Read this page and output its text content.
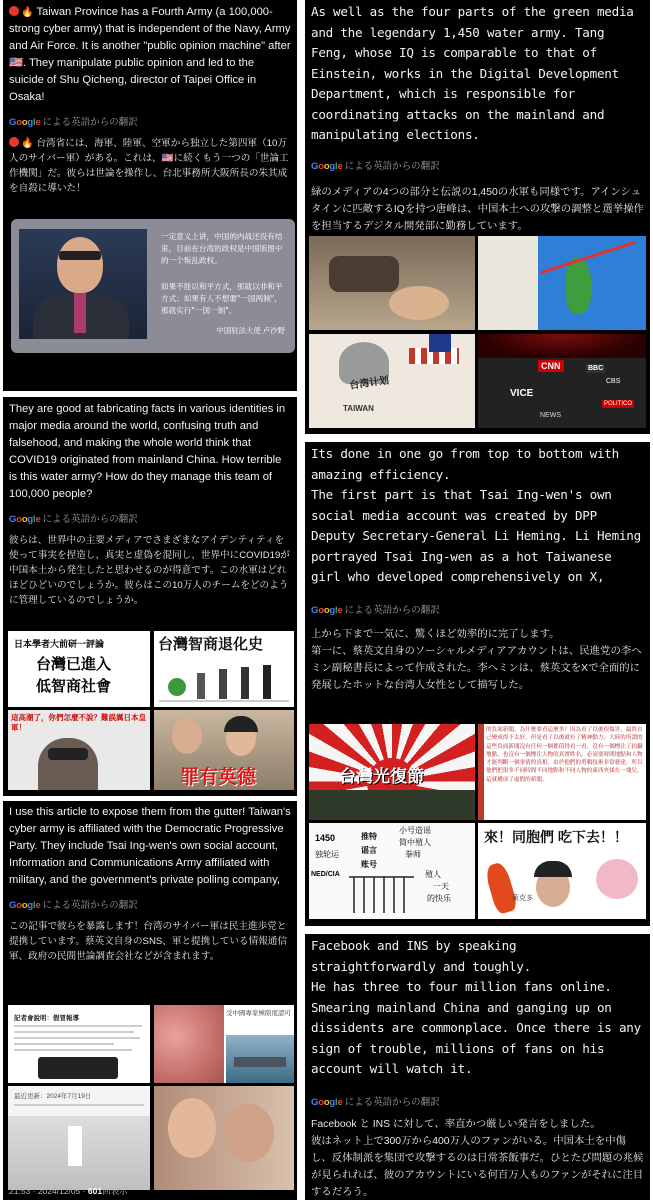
🔥 Taiwan Province has a Fourth Army (a 100,000-strong cyber army) that is independent of the Navy, Army and Air Force. It is another "public opinion machine" after 🇺🇸. They manipulate public opinion and led to the suicide of Shu Qicheng, director of Taipei Office in Osaka!
Google による英語からの翻訳
🔥 台湾省には、海軍、陸軍、空軍から独立した第四軍（10万人のサイバー軍）がある。これは、🇺🇸に続くもう一つの「世論工作機関」だ。彼らは世論を操作し、台北事務所大阪所長の朱其成を自殺に導いた！
一定意义上讲，中国的内战还没有结束，目前在台湾的政权是中国版图中的一个叛乱政权。
如果不能以和平方式，那就以非和平方式；如果有人不想要"一国两制"，那就实行"一国一制"。
中国驻法大使 卢沙野
They are good at fabricating facts in various identities in major media around the world, confusing truth and falsehood, and making the whole world think that COVID19 originated from mainland China. How terrible is this water army? How do they manage this team of 100,000 people?
Google による英語からの翻訳
彼らは、世界中の主要メディアでさまざまなアイデンティティを使って事実を捏造し、真実と虚偽を混同し、世界中にCOVID19が中国本土から発生したと思わせるのが得意です。この水軍はどれほどひどいのでしょうか。彼らはこの10万人のチームをどのように管理しているのでしょうか。
日本學者大前研一評論
台灣已進入
低智商社會
台灣智商退化史
這高潮了，你們怎麼不說？難誤厲日本皇軍！
罪有英德
I use this article to expose them from the gutter! Taiwan's cyber army is affiliated with the Democratic Progressive Party. They include Tsai Ing-wen's own social account, Information and Communications Army affiliated with military, and the government's private polling company,
Google による英語からの翻訳
この記事で彼らを暴露します！台湾のサイバー軍は民主進歩党と提携しています。蔡英文自身のSNS、軍と提携している情報通信軍、政府の民間世論調査会社などが含まれます。
記者會說明：假冒報導
受中國專家極限度認可
最近更新：2024年7月19日
21:53 · 2024/12/05 · 601回表示
As well as the four parts of the green media and the legendary 1,450 water army. Tang Feng, whose IQ is comparable to that of Einstein, works in the Digital Development Department, which is responsible for coordinating attacks on the mainland and manipulating elections.
Google による英語からの翻訳
緑のメディアの4つの部分と伝説の1,450の水軍も同様です。アインシュタインに匹敵するIQを持つ唐峰は、中国本土への攻撃の調整と選挙操作を担当するデジタル開発部に勤務しています。
台湾计划
TAIWAN
CNN	BBC
CBS
VICE
POLITICO
NEWS
Its done in one go from top to bottom with amazing efficiency.
The first part is that Tsai Ing-wen's own social media account was created by DPP Deputy Secretary-General Li Heming. Li Heming portrayed Tsai Ing-wen as a hot Taiwanese girl who developed comprehensively on X,
Google による英語からの翻訳
上から下まで一気に、驚くほど効率的に完了します。
第一に、蔡英文自身のソーシャルメディアアカウントは、民進党の李ヘミン副秘書長によって作成された。李ヘミンは、蔡英文をXで全面的に発展したホットな台湾人女性として描写した。
台灣光復節
的負面新聞，為什麼要看這麼多？因為看了以後很傷害，最終自己變成得不太好，但是看了以後就有了精神動力。大陸的所謂的這些負面新聞沒有任何一個都值得看一看，沒有一個標注了拍攝地點，也沒有一個標注人物的真實姓名。必須要時間地點和人物才能判斷一個事情的真相。由於他們的剪輯技術非常發達，所以他們把很多不同時間不同地點和不同人物的東西夾揉在一塊兒，這就構成了虛假的新聞。
1450	推特
小号造谣
独轮运	谣言
简中殖人
账号
拳师
殖人
一天
的快乐
NED/CIA
來！同胞們 吃下去！！
萊克多
Facebook and INS by speaking straightforwardly and toughly.
He has three to four million fans online. Smearing mainland China and ganging up on dissidents are commonplace. Once there is any sign of trouble, millions of fans on his account will watch it.
Google による英語からの翻訳
Facebook と INS に対して、率直かつ厳しい発言をしました。
彼はネット上で300万から400万人のファンがいる。中国本土を中傷し、反体制派を集団で攻撃するのは日常茶飯事だ。ひとたび問題の兆候が見られれば、彼のアカウントにいる何百万人ものファンがそれに注目するだろう。
